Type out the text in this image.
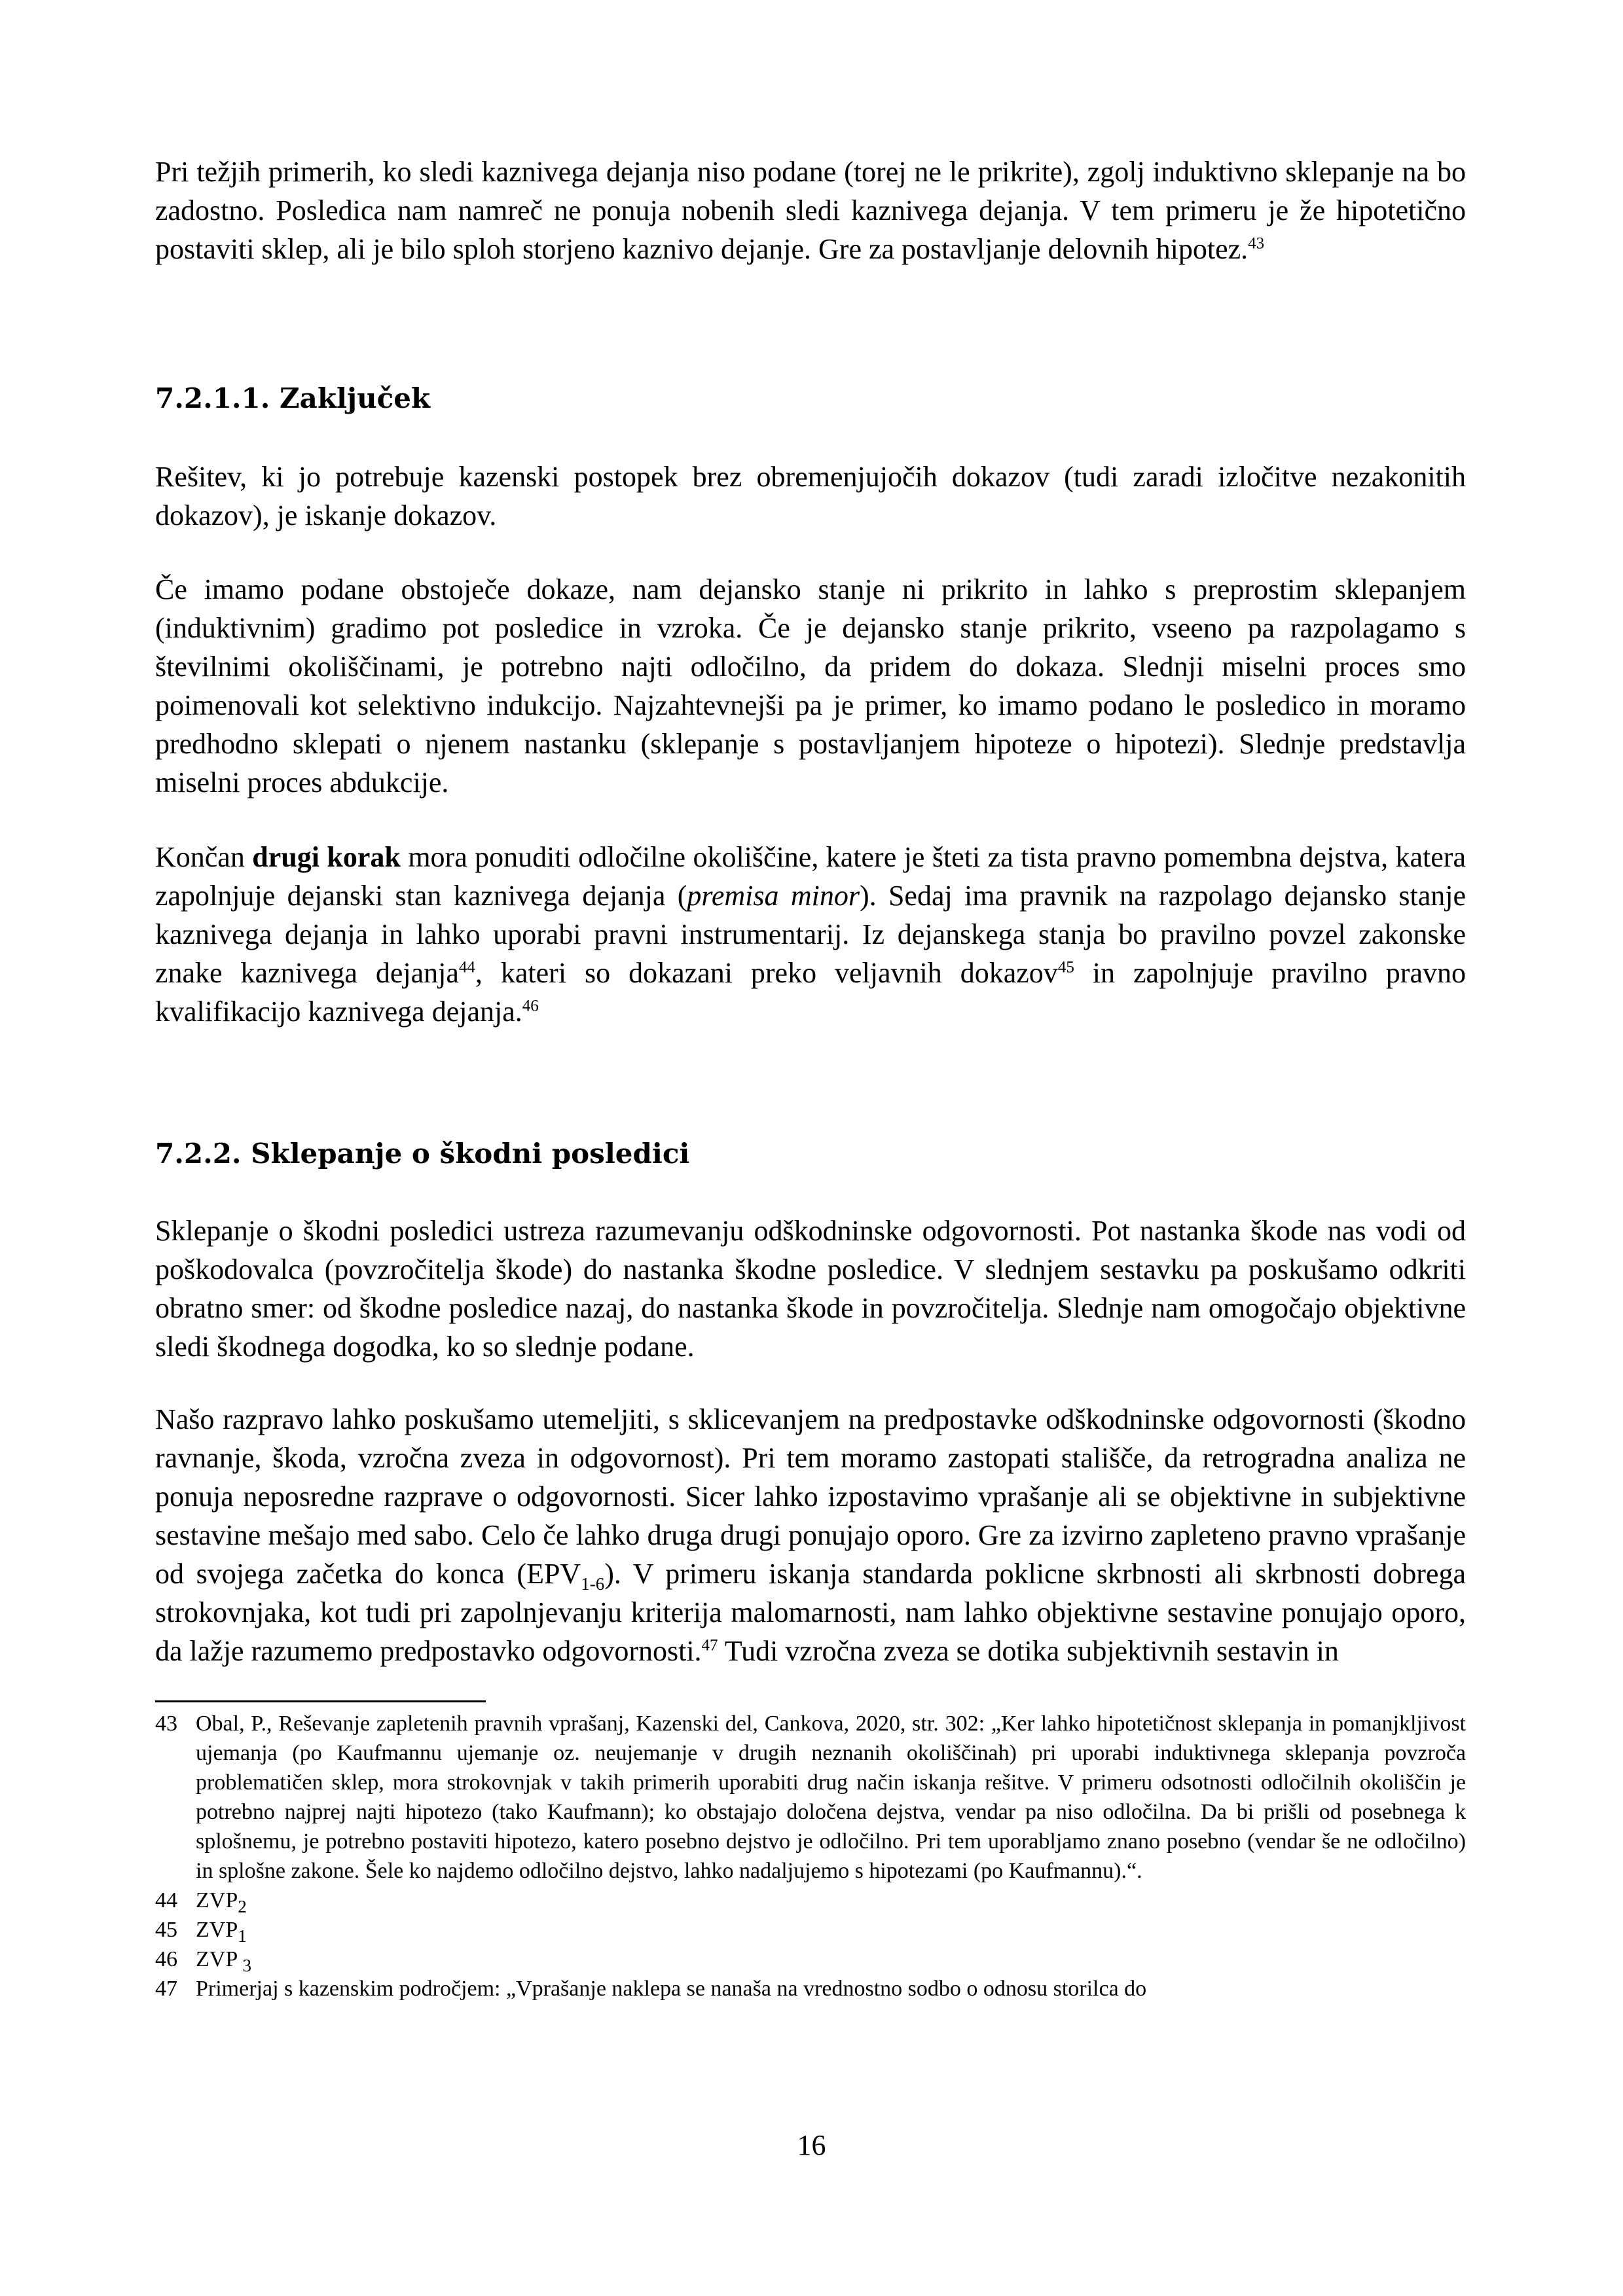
Pri težjih primerih, ko sledi kaznivega dejanja niso podane (torej ne le prikrite), zgolj induktivno sklepanje na bo zadostno. Posledica nam namreč ne ponuja nobenih sledi kaznivega dejanja. V tem primeru je že hipotetično postaviti sklep, ali je bilo sploh storjeno kaznivo dejanje. Gre za postavljanje delovnih hipotez.$^{43}$

7.2.1.1. Zaključek

Rešitev, ki jo potrebuje kazenski postopek brez obremenjujočih dokazov (tudi zaradi izločitve nezakonitih dokazov), je iskanje dokazov.

Če imamo podane obstoječe dokaze, nam dejansko stanje ni prikrito in lahko s preprostim sklepanjem (induktivnim) gradimo pot posledice in vzroka. Če je dejansko stanje prikrito, vseeno pa razpolagamo s številnimi okoliščinami, je potrebno najti odločilno, da pridem do dokaza. Slednji miselni proces smo poimenovali kot selektivno indukcijo. Najzahtevnejši pa je primer, ko imamo podano le posledico in moramo predhodno sklepati o njenem nastanku (sklepanje s postavljanjem hipoteze o hipotezi). Slednje predstavlja miselni proces abdukcije.

Končan drugi korak mora ponuditi odločilne okoliščine, katere je šteti za tista pravno pomembna dejstva, katera zapolnjuje dejanski stan kaznivega dejanja (premisa minor). Sedaj ima pravnik na razpolago dejansko stanje kaznivega dejanja in lahko uporabi pravni instrumentarij. Iz dejanskega stanja bo pravilno povzel zakonske znake kaznivega dejanja$^{44}$, kateri so dokazani preko veljavnih dokazov$^{45}$ in zapolnjuje pravilno pravno kvalifikacijo kaznivega dejanja.$^{46}$

7.2.2. Sklepanje o škodni posledici

Sklepanje o škodni posledici ustreza razumevanju odškodninske odgovornosti. Pot nastanka škode nas vodi od poškodovalca (povzročitelja škode) do nastanka škodne posledice. V slednjem sestavku pa poskušamo odkriti obratno smer: od škodne posledice nazaj, do nastanka škode in povzročitelja. Slednje nam omogočajo objektivne sledi škodnega dogodka, ko so slednje podane.

Našo razpravo lahko poskušamo utemeljiti, s sklicevanjem na predpostavke odškodninske odgovornosti (škodno ravnanje, škoda, vzročna zveza in odgovornost). Pri tem moramo zastopati stališče, da retrogradna analiza ne ponuja neposredne razprave o odgovornosti. Sicer lahko izpostavimo vprašanje ali se objektivne in subjektivne sestavine mešajo med sabo. Celo če lahko druga drugi ponujajo oporo. Gre za izvirno zapleteno pravno vprašanje od svojega začetka do konca $(EPV_{1-6})$. V primeru iskanja standarda poklicne skrbnosti ali skrbnosti dobrega strokovnjaka, kot tudi pri zapolnjevanju kriterija malomarnosti, nam lahko objektivne sestavine ponujajo oporo, da lažje razumemo predpostavko odgovornosti.$^{47}$ Tudi vzročna zveza se dotika subjektivnih sestavin in

43 Obal, P., Reševanje zapletenih pravnih vprašanj, Kazenski del, Cankova, 2020, str. 302: „Ker lahko hipotetičnost sklepanja in pomanjkljivost ujemanja (po Kaufmannu ujemanje oz. neujemanje v drugih neznanih okoliščinah) pri uporabi induktivnega sklepanja povzroča problematičen sklep, mora strokovnjak v takih primerih uporabiti drug način iskanja rešitve. V primeru odsotnosti odločilnih okoliščin je potrebno najprej najti hipotezo (tako Kaufmann); ko obstajajo določena dejstva, vendar pa niso odločilna. Da bi prišli od posebnega k splošnemu, je potrebno postaviti hipotezo, katero posebno dejstvo je odločilno. Pri tem uporabljamo znano posebno (vendar še ne odločilno) in splošne zakone. Šele ko najdemo odločilno dejstvo, lahko nadaljujemo s hipotezami (po Kaufmannu).“.
44 $ZVP_2$
45 $ZVP_1$
46 ZVP $_3$
47 Primerjaj s kazenskim področjem: „Vprašanje naklepa se nanaša na vrednostno sodbo o odnosu storilca do
16
